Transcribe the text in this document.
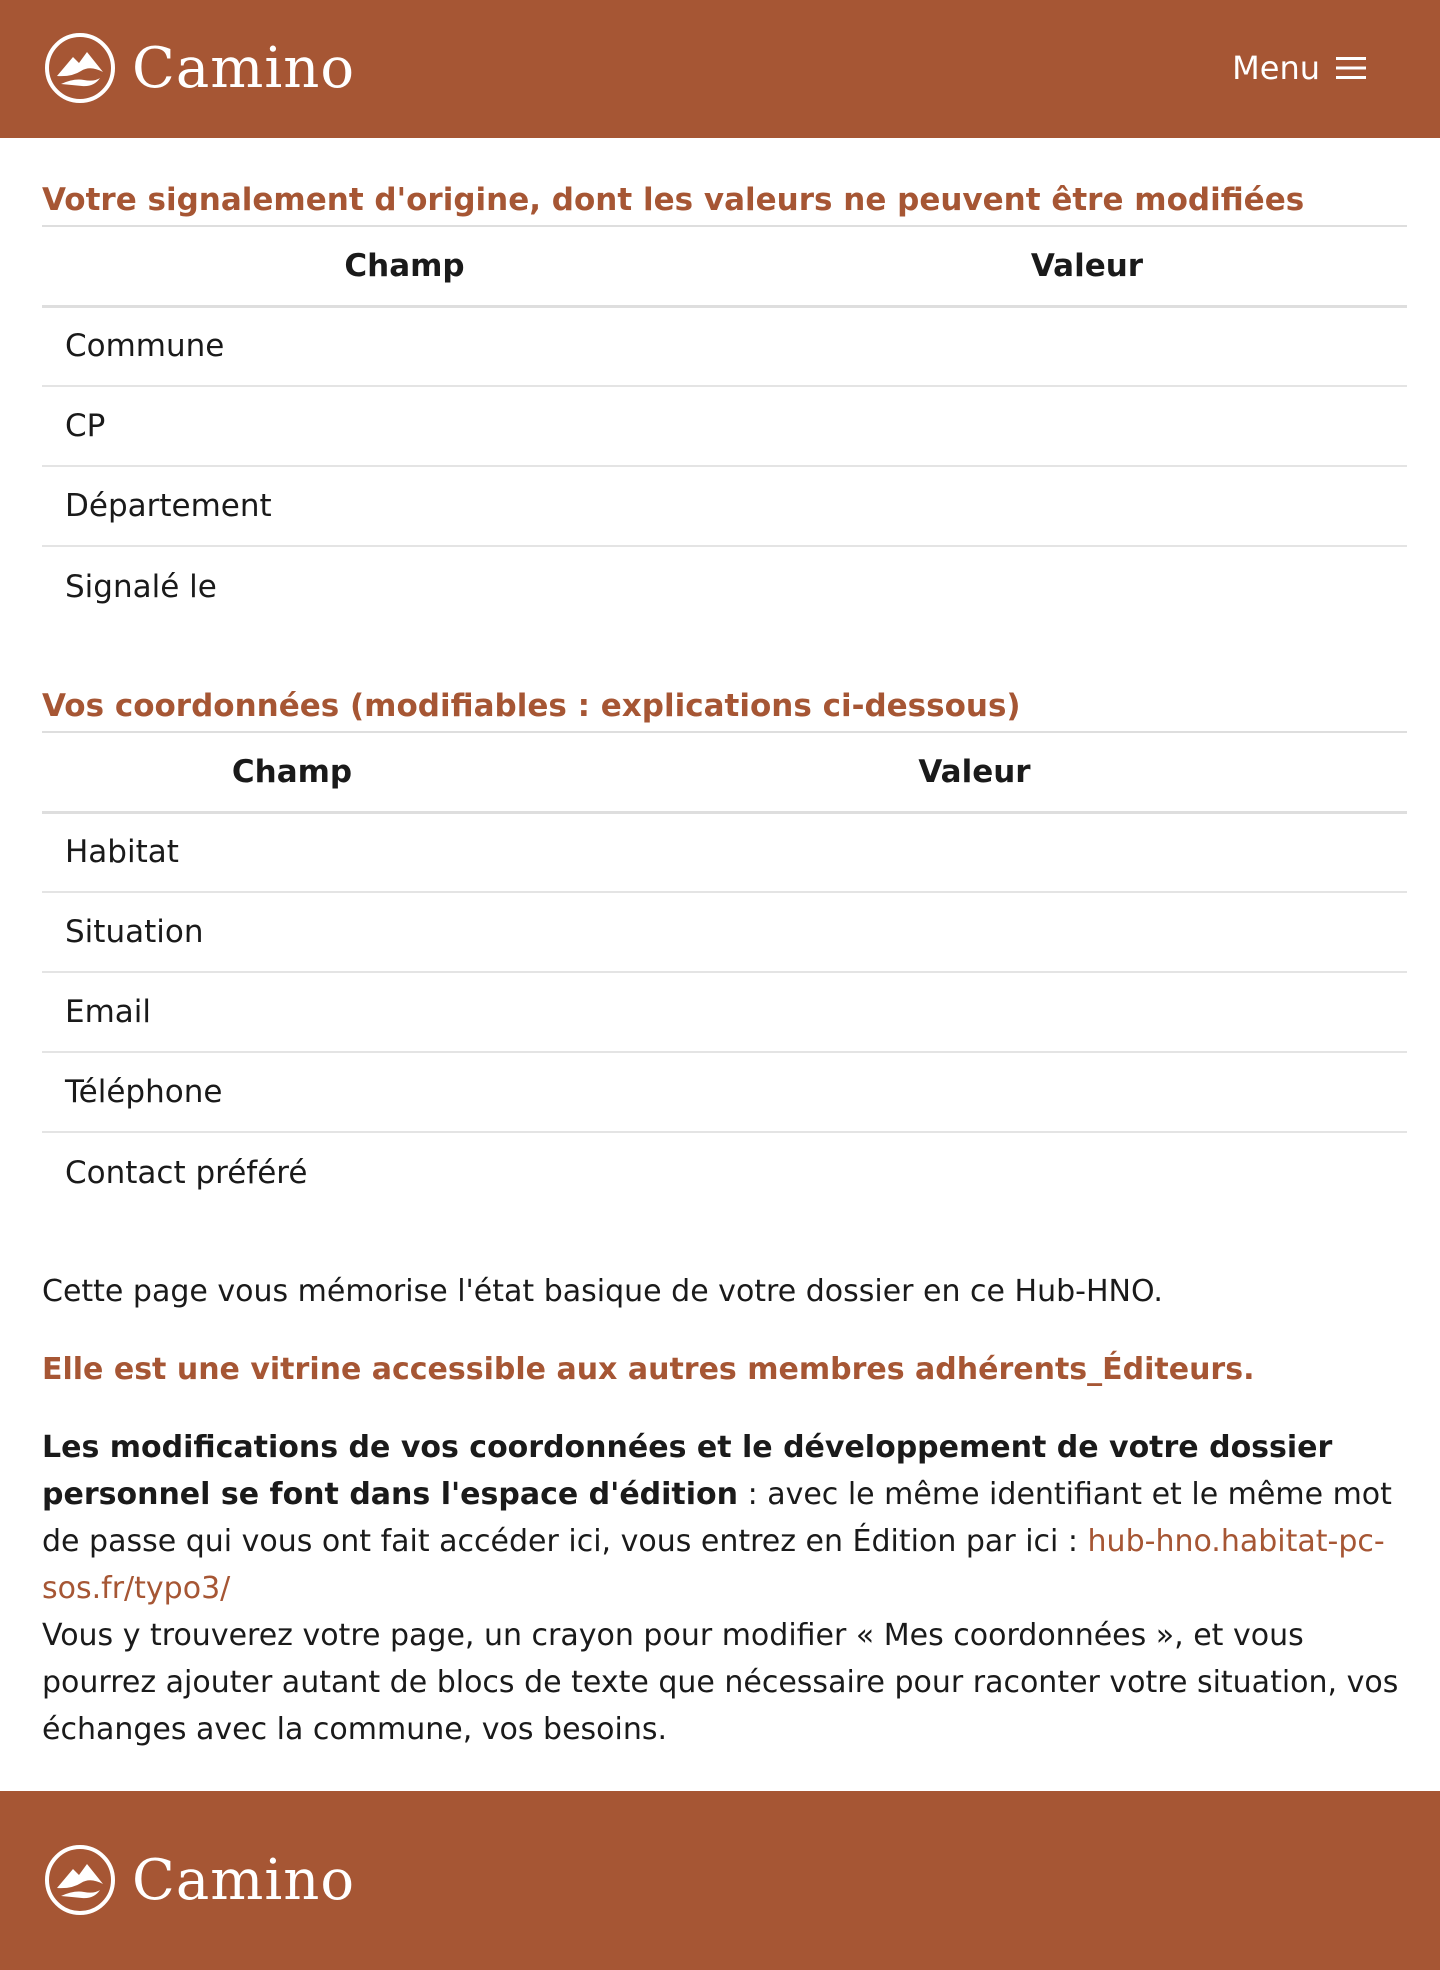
Camino	Menu
Votre signalement d'origine, dont les valeurs ne peuvent être modifiées
Champ	Valeur
Commune	
CP	
Département	
Signalé le	
Vos coordonnées (modifiables : explications ci-dessous)
Champ	Valeur
Habitat	
Situation	
Email	
Téléphone	
Contact préféré	

Cette page vous mémorise l'état basique de votre dossier en ce Hub-HNO.

Elle est une vitrine accessible aux autres membres adhérents_Éditeurs.

Les modifications de vos coordonnées et le développement de votre dossier personnel se font dans l'espace d'édition : avec le même identifiant et le même mot de passe qui vous ont fait accéder ici, vous entrez en Édition par ici : hub-hno.habitat-pc-sos.fr/typo3/
Vous y trouverez votre page, un crayon pour modifier « Mes coordonnées », et vous pourrez ajouter autant de blocs de texte que nécessaire pour raconter votre situation, vos échanges avec la commune, vos besoins.

Camino
